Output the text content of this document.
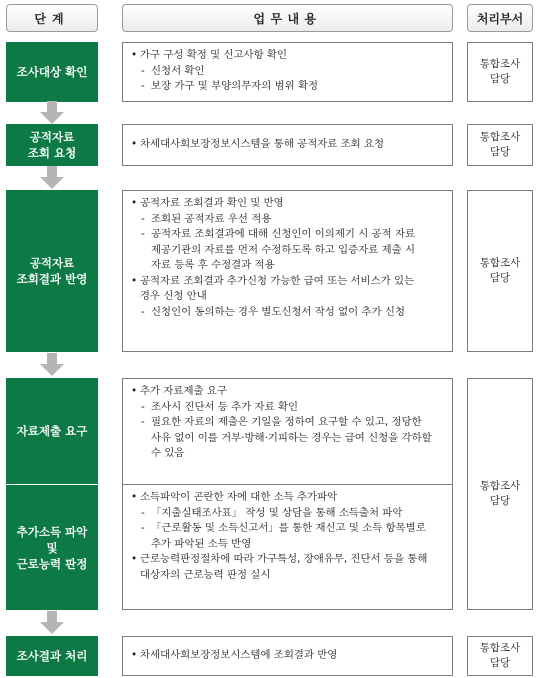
단계	업무내용	처리부서
조사대상 확인
공적자료
조회 요청
공적자료
조회결과 반영
자료제출 요구
추가소득 파악 및
근로능력 판정
조사결과 처리
• 가구 구성 확정 및 신고사항 확인
- 신청서 확인
- 보장 가구 및 부양의무자의 범위 확정
• 차세대사회보장정보시스템을 통해 공적자료 조회 요청
• 공적자료 조회결과 확인 및 반영
- 조회된 공적자료 우선 적용
- 공적자료 조회결과에 대해 신청인이 이의제기 시 공적 자료
제공기관의 자료를 먼저 수정하도록 하고 입증자료 제출 시
자료 등록 후 수정결과 적용
• 공적자료 조회결과 추가신청 가능한 급여 또는 서비스가 있는
경우 신청 안내
- 신청인이 동의하는 경우 별도신청서 작성 없이 추가 신청
• 추가 자료제출 요구
- 조사시 진단서 등 추가 자료 확인
- 필요한 자료의 제출은 기일을 정하여 요구할 수 있고, 정당한
사유 없이 이를 거부·방해·기피하는 경우는 급여 신청을 각하할
수 있음
• 소득파악이 곤란한 자에 대한 소득 추가파악
- 「지출실태조사표」 작성 및 상담을 통해 소득출처 파악
- 「근로활동 및 소득신고서」를 통한 재신고 및 소득 항목별로
추가 파악된 소득 반영
• 근로능력판정절차에 따라 가구특성, 장애유무, 진단서 등을 통해
대상자의 근로능력 판정 실시
• 차세대사회보장정보시스템에 조회결과 반영
통합조사
담당
통합조사
담당
통합조사
담당
통합조사
담당
통합조사
담당
